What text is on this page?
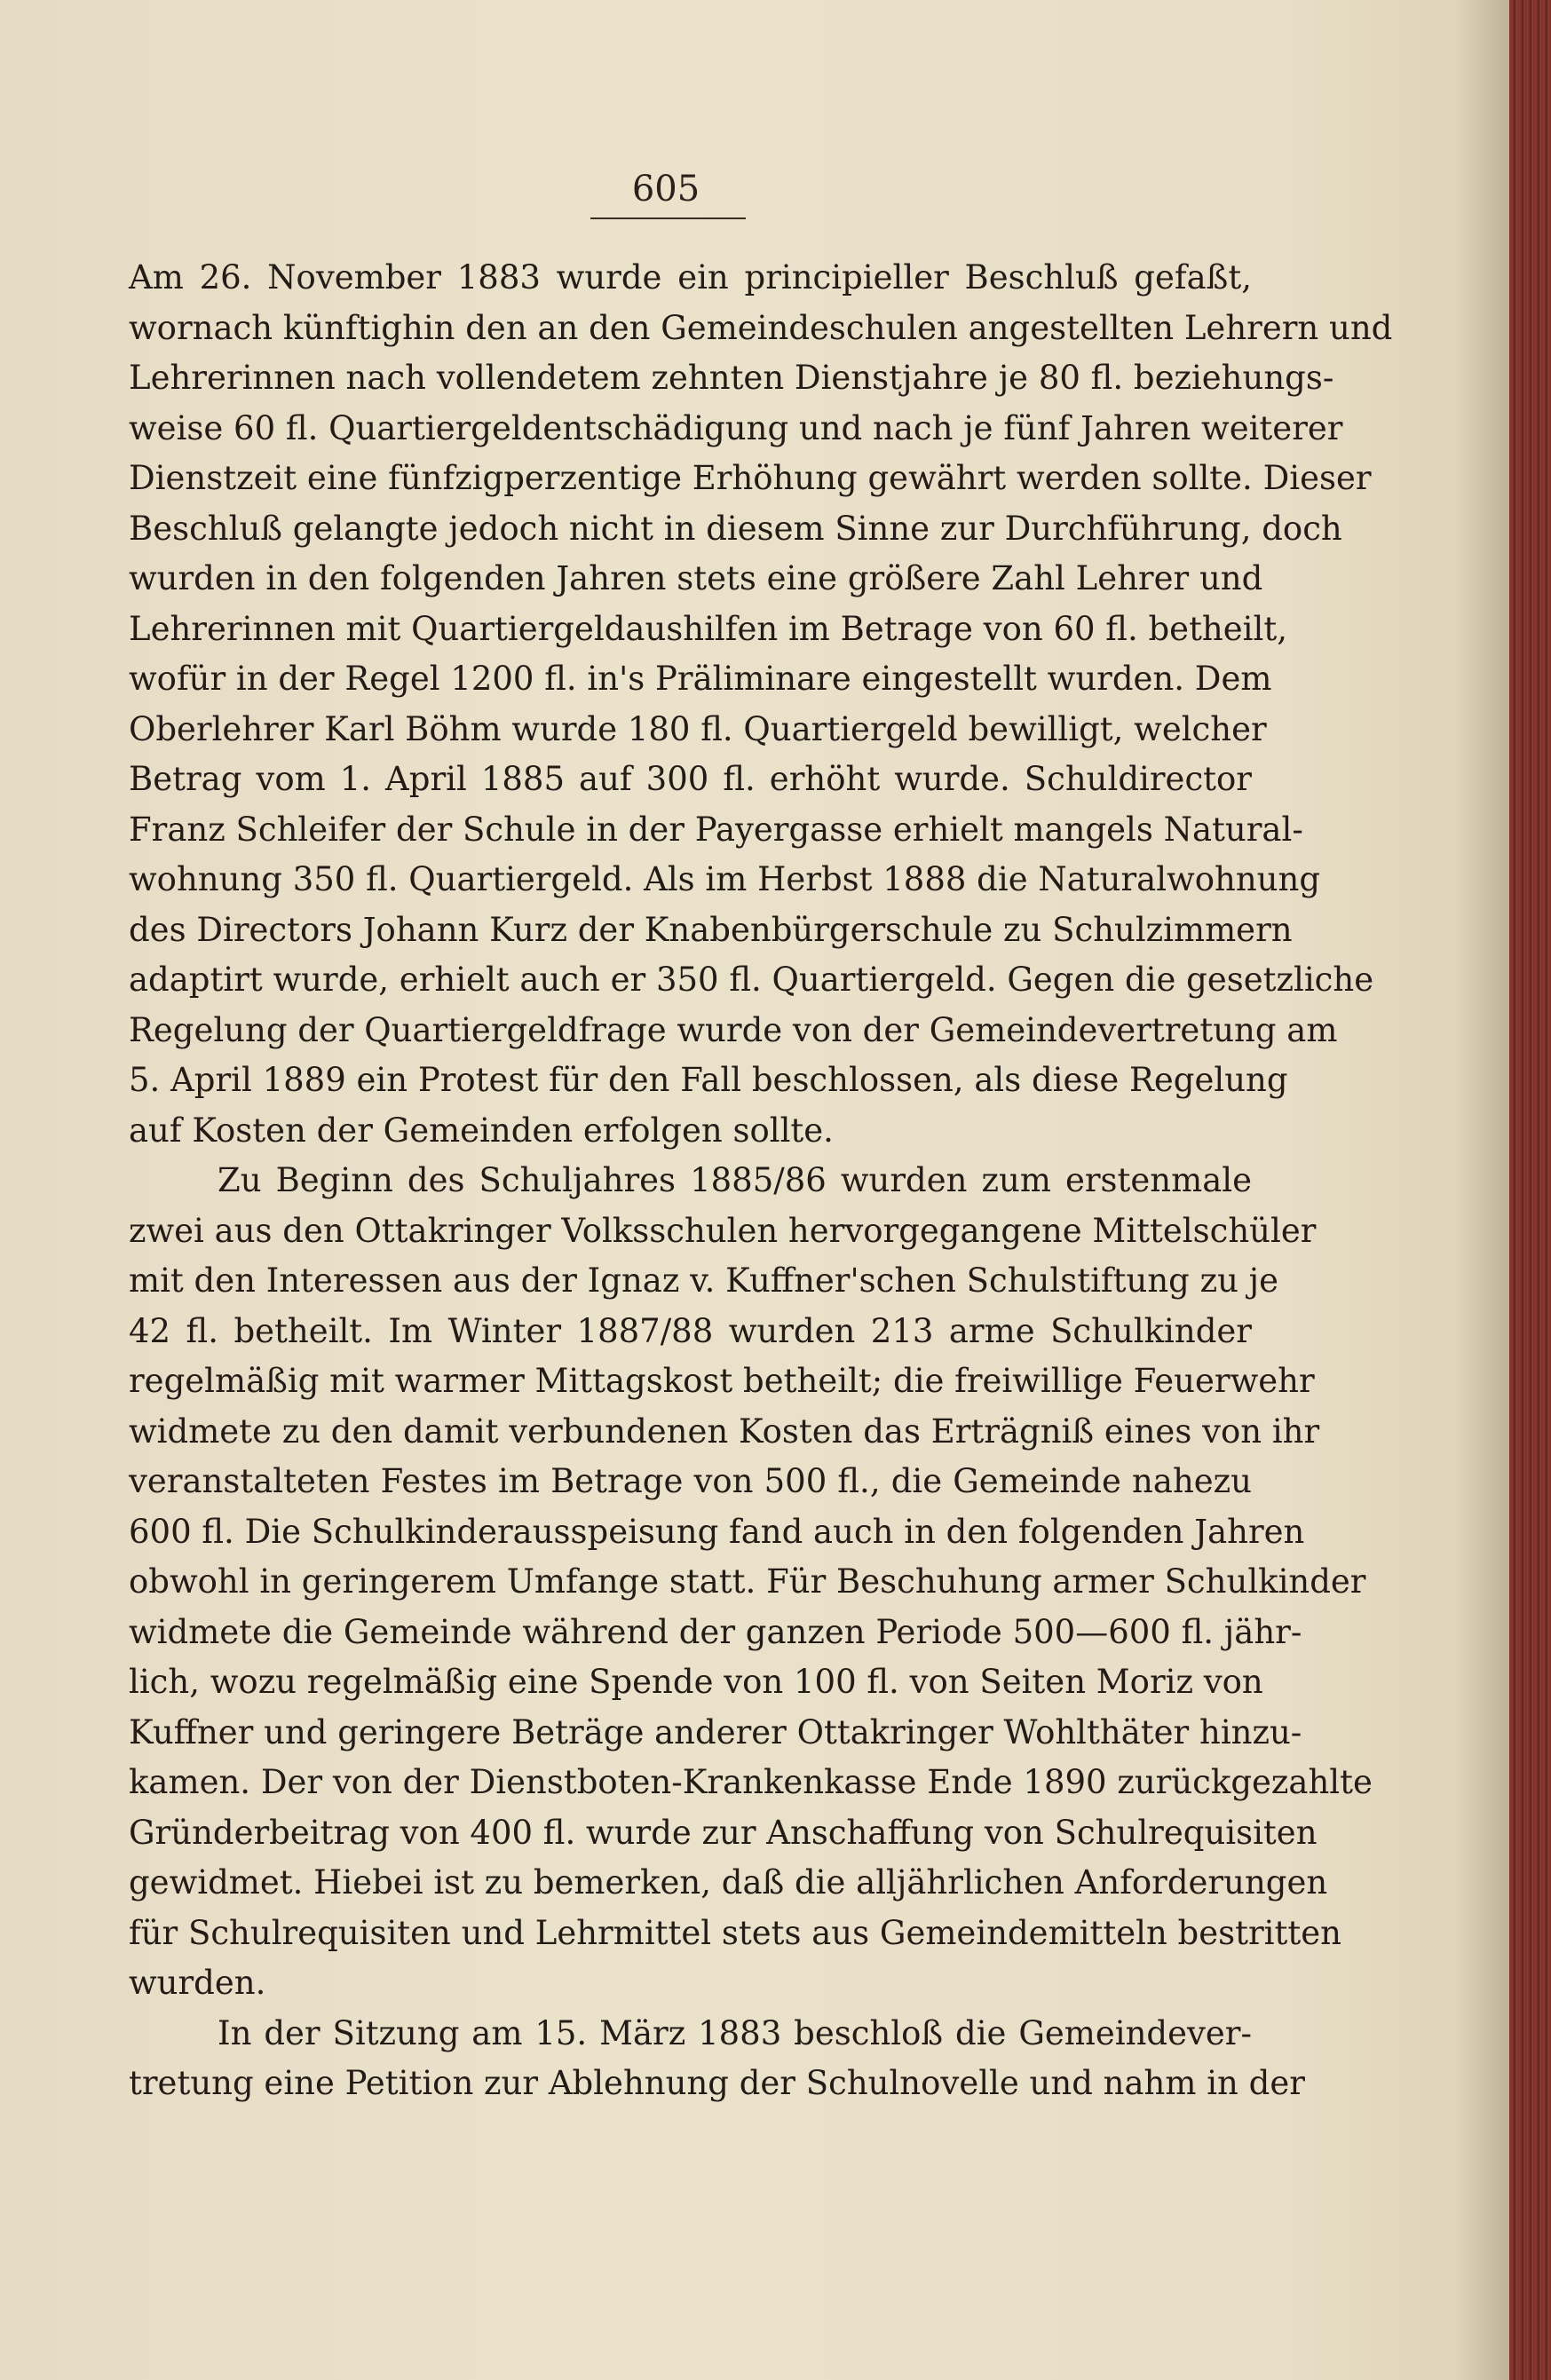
605
Am 26. November 1883 wurde ein principieller Beschluß gefaßt,
wornach künftighin den an den Gemeindeschulen angestellten Lehrern und
Lehrerinnen nach vollendetem zehnten Dienstjahre je 80 fl. beziehungs-
weise 60 fl. Quartiergeldentschädigung und nach je fünf Jahren weiterer
Dienstzeit eine fünfzigperzentige Erhöhung gewährt werden sollte. Dieser
Beschluß gelangte jedoch nicht in diesem Sinne zur Durchführung, doch
wurden in den folgenden Jahren stets eine größere Zahl Lehrer und
Lehrerinnen mit Quartiergeldaushilfen im Betrage von 60 fl. betheilt,
wofür in der Regel 1200 fl. in's Präliminare eingestellt wurden. Dem
Oberlehrer Karl Böhm wurde 180 fl. Quartiergeld bewilligt, welcher
Betrag vom 1. April 1885 auf 300 fl. erhöht wurde. Schuldirector
Franz Schleifer der Schule in der Payergasse erhielt mangels Natural-
wohnung 350 fl. Quartiergeld. Als im Herbst 1888 die Naturalwohnung
des Directors Johann Kurz der Knabenbürgerschule zu Schulzimmern
adaptirt wurde, erhielt auch er 350 fl. Quartiergeld. Gegen die gesetzliche
Regelung der Quartiergeldfrage wurde von der Gemeindevertretung am
5. April 1889 ein Protest für den Fall beschlossen, als diese Regelung
auf Kosten der Gemeinden erfolgen sollte.
Zu Beginn des Schuljahres 1885/86 wurden zum erstenmale
zwei aus den Ottakringer Volksschulen hervorgegangene Mittelschüler
mit den Interessen aus der Ignaz v. Kuffner'schen Schulstiftung zu je
42 fl. betheilt. Im Winter 1887/88 wurden 213 arme Schulkinder
regelmäßig mit warmer Mittagskost betheilt; die freiwillige Feuerwehr
widmete zu den damit verbundenen Kosten das Erträgniß eines von ihr
veranstalteten Festes im Betrage von 500 fl., die Gemeinde nahezu
600 fl. Die Schulkinderausspeisung fand auch in den folgenden Jahren
obwohl in geringerem Umfange statt. Für Beschuhung armer Schulkinder
widmete die Gemeinde während der ganzen Periode 500—600 fl. jähr-
lich, wozu regelmäßig eine Spende von 100 fl. von Seiten Moriz von
Kuffner und geringere Beträge anderer Ottakringer Wohlthäter hinzu-
kamen. Der von der Dienstboten-Krankenkasse Ende 1890 zurückgezahlte
Gründerbeitrag von 400 fl. wurde zur Anschaffung von Schulrequisiten
gewidmet. Hiebei ist zu bemerken, daß die alljährlichen Anforderungen
für Schulrequisiten und Lehrmittel stets aus Gemeindemitteln bestritten
wurden.
In der Sitzung am 15. März 1883 beschloß die Gemeindever-
tretung eine Petition zur Ablehnung der Schulnovelle und nahm in der
